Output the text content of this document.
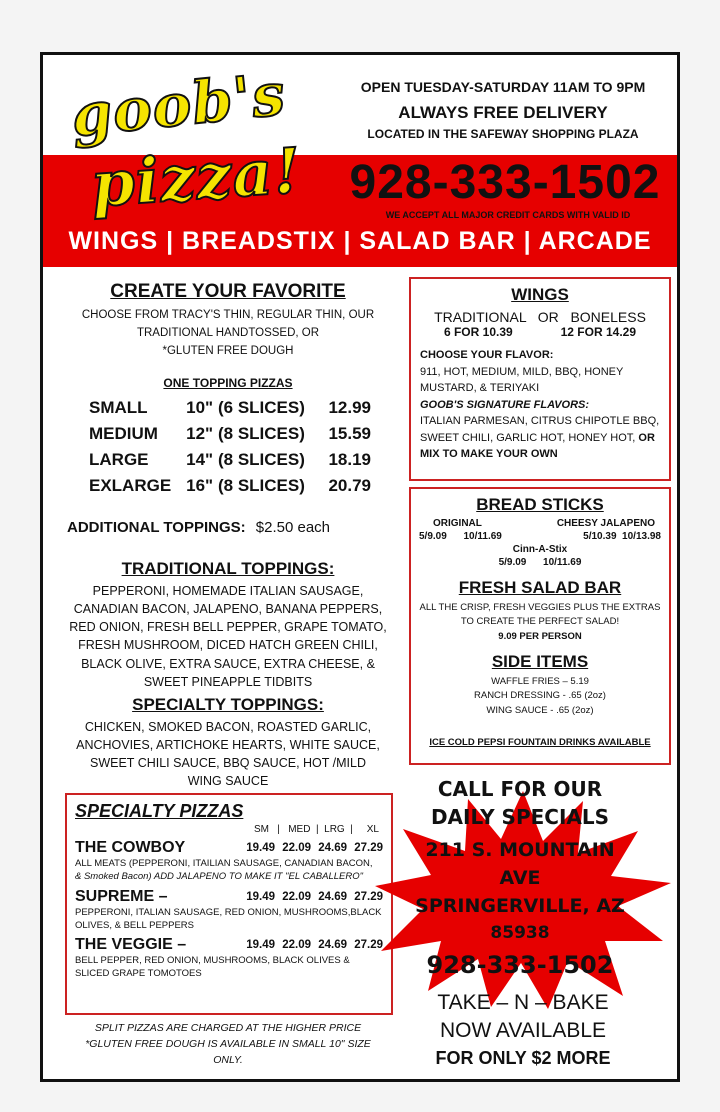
goob's
pizza!
OPEN TUESDAY-SATURDAY 11AM TO 9PM
ALWAYS FREE DELIVERY
LOCATED IN THE SAFEWAY SHOPPING PLAZA
928-333-1502
WE ACCEPT ALL MAJOR CREDIT CARDS WITH VALID ID
WINGS | BREADSTIX | SALAD BAR | ARCADE
CREATE YOUR FAVORITE
CHOOSE FROM TRACY'S THIN, REGULAR THIN, OUR
TRADITIONAL HANDTOSSED, OR
*GLUTEN FREE DOUGH
ONE TOPPING PIZZAS
SMALL	10"	(6 SLICES)	12.99
MEDIUM	12"	(8 SLICES)	15.59
LARGE	14"	(8 SLICES)	18.19
EXLARGE	16"	(8 SLICES)	20.79
ADDITIONAL TOPPINGS: $2.50 each
TRADITIONAL TOPPINGS:
PEPPERONI, HOMEMADE ITALIAN SAUSAGE,
CANADIAN BACON, JALAPENO, BANANA PEPPERS,
RED ONION, FRESH BELL PEPPER, GRAPE TOMATO,
FRESH MUSHROOM, DICED HATCH GREEN CHILI,
BLACK OLIVE, EXTRA SAUCE, EXTRA CHEESE, &
SWEET PINEAPPLE TIDBITS
SPECIALTY TOPPINGS:
CHICKEN, SMOKED BACON, ROASTED GARLIC,
ANCHOVIES, ARTICHOKE HEARTS, WHITE SAUCE,
SWEET CHILI SAUCE, BBQ SAUCE, HOT /MILD
WING SAUCE
SPECIALTY PIZZAS
SM   |   MED  |  LRG  |     XL
THE COWBOY	19.49 22.09 24.69 27.29
ALL MEATS (PEPPERONI, ITAILIAN SAUSAGE, CANADIAN BACON,
& Smoked Bacon) ADD JALAPENO TO MAKE IT "EL CABALLERO"
SUPREME –	19.49 22.09 24.69 27.29
PEPPERONI, ITALIAN SAUSAGE, RED ONION, MUSHROOMS,BLACK
OLIVES, & BELL PEPPERS
THE VEGGIE –	19.49 22.09 24.69 27.29
BELL PEPPER, RED ONION, MUSHROOMS, BLACK OLIVES &
SLICED GRAPE TOMOTOES
SPLIT PIZZAS ARE CHARGED AT THE HIGHER PRICE
*GLUTEN FREE DOUGH IS AVAILABLE IN SMALL 10" SIZE
ONLY.
WINGS
TRADITIONAL   OR   BONELESS
6 FOR 10.39	12 FOR 14.29
CHOOSE YOUR FLAVOR:
911, HOT, MEDIUM, MILD, BBQ, HONEY MUSTARD, & TERIYAKI
GOOB'S SIGNATURE FLAVORS:
ITALIAN PARMESAN, CITRUS CHIPOTLE BBQ, SWEET CHILI, GARLIC HOT, HONEY HOT, OR MIX TO MAKE YOUR OWN
BREAD STICKS
ORIGINAL	CHEESY JALAPENO
5/9.09      10/11.69	5/10.39  10/13.98
Cinn-A-Stix
5/9.09      10/11.69
FRESH SALAD BAR
ALL THE CRISP, FRESH VEGGIES PLUS THE EXTRAS
TO CREATE THE PERFECT SALAD!
9.09 PER PERSON
SIDE ITEMS
WAFFLE FRIES – 5.19
RANCH DRESSING - .65 (2oz)
WING SAUCE - .65 (2oz)
ICE COLD PEPSI FOUNTAIN DRINKS AVAILABLE
CALL FOR OUR
DAILY SPECIALS
211 S. MOUNTAIN
AVE
SPRINGERVILLE, AZ
85938
928-333-1502
TAKE – N – BAKE
NOW AVAILABLE
FOR ONLY $2 MORE
